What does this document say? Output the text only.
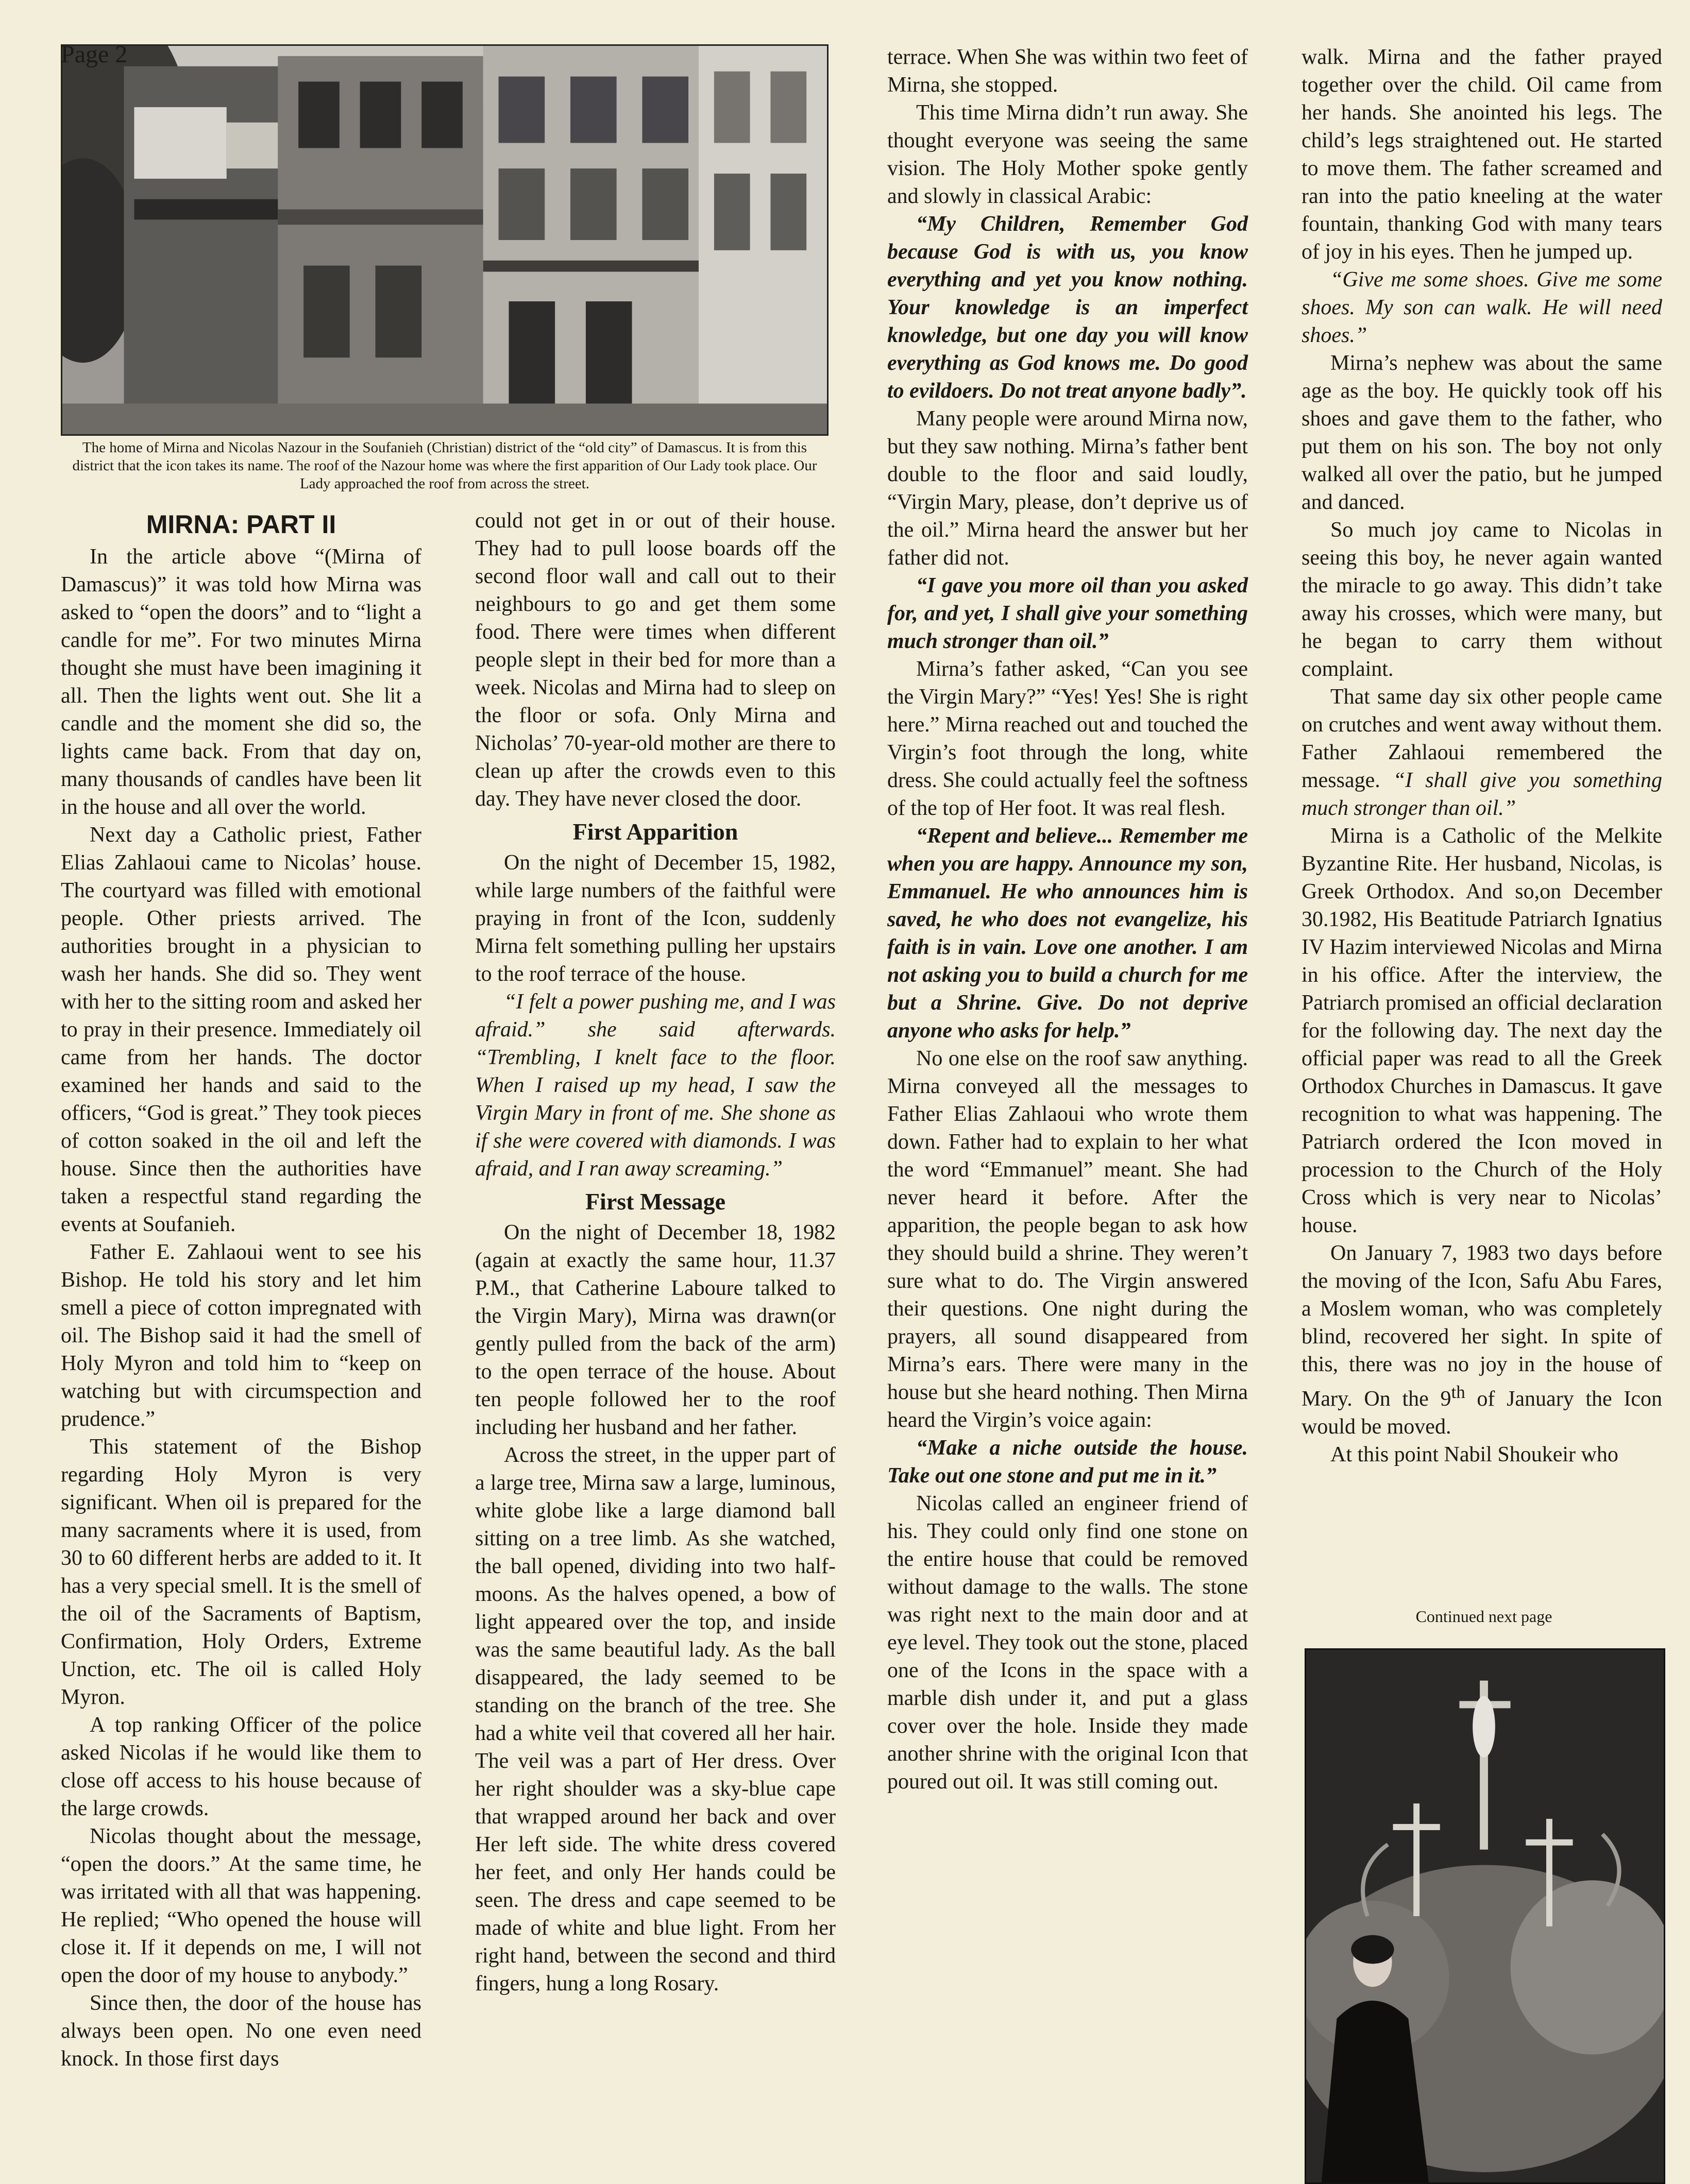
Page 2
The home of Mirna and Nicolas Nazour in the Soufanieh (Christian) district of the “old city” of Damascus. It is from this district that the icon takes its name. The roof of the Nazour home was where the first apparition of Our Lady took place. Our Lady approached the roof from across the street.
MIRNA: PART II

In the article above “(Mirna of Damascus)” it was told how Mirna was asked to “open the doors” and to “light a candle for me”. For two minutes Mirna thought she must have been imagining it all. Then the lights went out. She lit a candle and the moment she did so, the lights came back. From that day on, many thousands of candles have been lit in the house and all over the world.

Next day a Catholic priest, Father Elias Zahlaoui came to Nicolas’ house. The courtyard was filled with emotional people. Other priests arrived. The authorities brought in a physician to wash her hands. She did so. They went with her to the sitting room and asked her to pray in their presence. Immediately oil came from her hands. The doctor examined her hands and said to the officers, “God is great.” They took pieces of cotton soaked in the oil and left the house. Since then the authorities have taken a respectful stand regarding the events at Soufanieh.

Father E. Zahlaoui went to see his Bishop. He told his story and let him smell a piece of cotton impregnated with oil. The Bishop said it had the smell of Holy Myron and told him to “keep on watching but with circumspection and prudence.”

This statement of the Bishop regarding Holy Myron is very significant. When oil is prepared for the many sacraments where it is used, from 30 to 60 different herbs are added to it. It has a very special smell. It is the smell of the oil of the Sacraments of Baptism, Confirmation, Holy Orders, Extreme Unction, etc. The oil is called Holy Myron.

A top ranking Officer of the police asked Nicolas if he would like them to close off access to his house because of the large crowds.

Nicolas thought about the message, “open the doors.” At the same time, he was irritated with all that was happening. He replied; “Who opened the house will close it. If it depends on me, I will not open the door of my house to anybody.”

Since then, the door of the house has always been open. No one even need knock. In those first days

could not get in or out of their house. They had to pull loose boards off the second floor wall and call out to their neighbours to go and get them some food. There were times when different people slept in their bed for more than a week. Nicolas and Mirna had to sleep on the floor or sofa. Only Mirna and Nicholas’ 70-year-old mother are there to clean up after the crowds even to this day. They have never closed the door.

First Apparition

On the night of December 15, 1982, while large numbers of the faithful were praying in front of the Icon, suddenly Mirna felt something pulling her upstairs to the roof terrace of the house.

“I felt a power pushing me, and I was afraid.” she said afterwards. “Trembling, I knelt face to the floor. When I raised up my head, I saw the Virgin Mary in front of me. She shone as if she were covered with diamonds. I was afraid, and I ran away screaming.”

First Message

On the night of December 18, 1982 (again at exactly the same hour, 11.37 P.M., that Catherine Laboure talked to the Virgin Mary), Mirna was drawn(or gently pulled from the back of the arm) to the open terrace of the house. About ten people followed her to the roof including her husband and her father.

Across the street, in the upper part of a large tree, Mirna saw a large, luminous, white globe like a large diamond ball sitting on a tree limb. As she watched, the ball opened, dividing into two half-moons. As the halves opened, a bow of light appeared over the top, and inside was the same beautiful lady. As the ball disappeared, the lady seemed to be standing on the branch of the tree. She had a white veil that covered all her hair. The veil was a part of Her dress. Over her right shoulder was a sky-blue cape that wrapped around her back and over Her left side. The white dress covered her feet, and only Her hands could be seen. The dress and cape seemed to be made of white and blue light. From her right hand, between the second and third fingers, hung a long Rosary.

terrace. When She was within two feet of Mirna, she stopped.

This time Mirna didn’t run away. She thought everyone was seeing the same vision. The Holy Mother spoke gently and slowly in classical Arabic:

“My Children, Remember God because God is with us, you know everything and yet you know nothing. Your knowledge is an imperfect knowledge, but one day you will know everything as God knows me. Do good to evildoers. Do not treat anyone badly”.

Many people were around Mirna now, but they saw nothing. Mirna’s father bent double to the floor and said loudly, “Virgin Mary, please, don’t deprive us of the oil.” Mirna heard the answer but her father did not.

“I gave you more oil than you asked for, and yet, I shall give your something much stronger than oil.”

Mirna’s father asked, “Can you see the Virgin Mary?” “Yes! Yes! She is right here.” Mirna reached out and touched the Virgin’s foot through the long, white dress. She could actually feel the softness of the top of Her foot. It was real flesh.

“Repent and believe... Remember me when you are happy. Announce my son, Emmanuel. He who announces him is saved, he who does not evangelize, his faith is in vain. Love one another. I am not asking you to build a church for me but a Shrine. Give. Do not deprive anyone who asks for help.”

No one else on the roof saw anything. Mirna conveyed all the messages to Father Elias Zahlaoui who wrote them down. Father had to explain to her what the word “Emmanuel” meant. She had never heard it before. After the apparition, the people began to ask how they should build a shrine. They weren’t sure what to do. The Virgin answered their questions. One night during the prayers, all sound disappeared from Mirna’s ears. There were many in the house but she heard nothing. Then Mirna heard the Virgin’s voice again:

“Make a niche outside the house. Take out one stone and put me in it.”

Nicolas called an engineer friend of his. They could only find one stone on the entire house that could be removed without damage to the walls. The stone was right next to the main door and at eye level. They took out the stone, placed one of the Icons in the space with a marble dish under it, and put a glass cover over the hole. Inside they made another shrine with the original Icon that poured out oil. It was still coming out.

walk. Mirna and the father prayed together over the child. Oil came from her hands. She anointed his legs. The child’s legs straightened out. He started to move them. The father screamed and ran into the patio kneeling at the water fountain, thanking God with many tears of joy in his eyes. Then he jumped up.

“Give me some shoes. Give me some shoes. My son can walk. He will need shoes.”

Mirna’s nephew was about the same age as the boy. He quickly took off his shoes and gave them to the father, who put them on his son. The boy not only walked all over the patio, but he jumped and danced.

So much joy came to Nicolas in seeing this boy, he never again wanted the miracle to go away. This didn’t take away his crosses, which were many, but he began to carry them without complaint.

That same day six other people came on crutches and went away without them. Father Zahlaoui remembered the message. “I shall give you something much stronger than oil.”

Mirna is a Catholic of the Melkite Byzantine Rite. Her husband, Nicolas, is Greek Orthodox. And so,on December 30.1982, His Beatitude Patriarch Ignatius IV Hazim interviewed Nicolas and Mirna in his office. After the interview, the Patriarch promised an official declaration for the following day. The next day the official paper was read to all the Greek Orthodox Churches in Damascus. It gave recognition to what was happening. The Patriarch ordered the Icon moved in procession to the Church of the Holy Cross which is very near to Nicolas’ house.

On January 7, 1983 two days before the moving of the Icon, Safu Abu Fares, a Moslem woman, who was completely blind, recovered her sight. In spite of this, there was no joy in the house of Mary. On the 9th of January the Icon would be moved.

At this point Nabil Shoukeir who

Continued next page
